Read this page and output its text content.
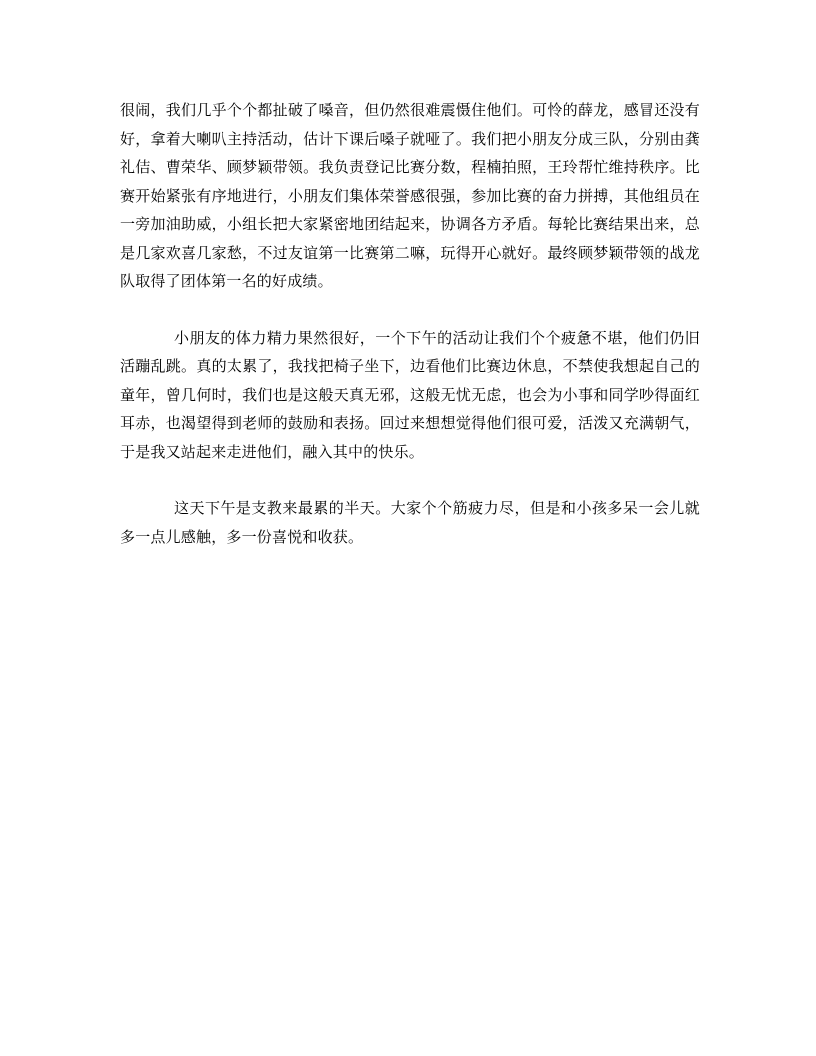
很闹，我们几乎个个都扯破了嗓音，但仍然很难震慑住他们。可怜的薛龙，感冒还没有好，拿着大喇叭主持活动，估计下课后嗓子就哑了。我们把小朋友分成三队，分别由龚礼佶、曹荣华、顾梦颖带领。我负责登记比赛分数，程楠拍照，王玲帮忙维持秩序。比赛开始紧张有序地进行，小朋友们集体荣誉感很强，参加比赛的奋力拼搏，其他组员在一旁加油助威，小组长把大家紧密地团结起来，协调各方矛盾。每轮比赛结果出来，总是几家欢喜几家愁，不过友谊第一比赛第二嘛，玩得开心就好。最终顾梦颖带领的战龙队取得了团体第一名的好成绩。

小朋友的体力精力果然很好，一个下午的活动让我们个个疲惫不堪，他们仍旧活蹦乱跳。真的太累了，我找把椅子坐下，边看他们比赛边休息，不禁使我想起自己的童年，曾几何时，我们也是这般天真无邪，这般无忧无虑，也会为小事和同学吵得面红耳赤，也渴望得到老师的鼓励和表扬。回过来想想觉得他们很可爱，活泼又充满朝气，于是我又站起来走进他们，融入其中的快乐。

这天下午是支教来最累的半天。大家个个筋疲力尽，但是和小孩多呆一会儿就多一点儿感触，多一份喜悦和收获。
